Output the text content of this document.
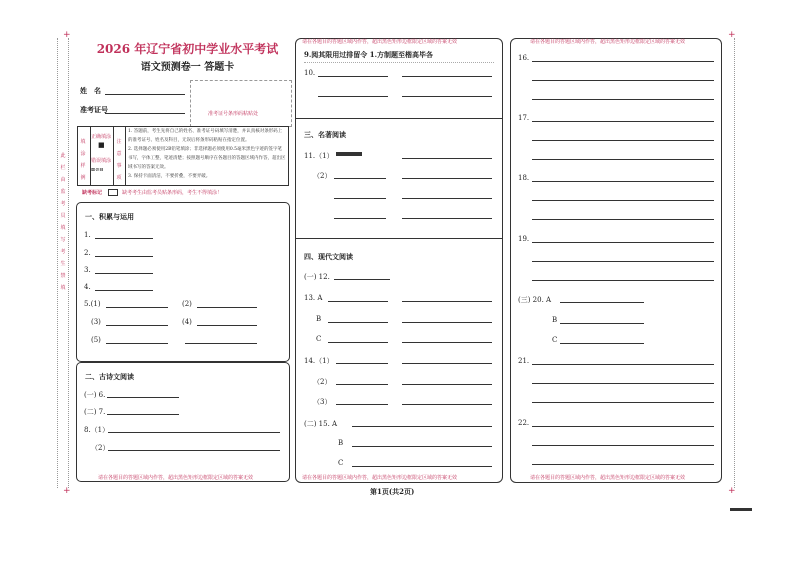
+	+
+	+
2026 年辽宁省初中学业水平考试
语文预测卷一 答题卡
姓　名
准考证号	准考证号条形码粘贴处
此栏由监考员填写 考生禁填
填涂样例
正确填涂
■
错误填涂
⊠⊘⊟
注意事项
1. 答题前，考生先将自己的姓名、准考证号码填写清楚，并认真核对条形码上的准考证号、姓名及科目，无误后将条形码粘贴在指定位置。
2. 选择题必须使用2B铅笔填涂；非选择题必须使用0.5毫米黑色字迹的签字笔书写，字体工整，笔迹清楚；按照题号顺序在各题目的答题区域内作答，超出区域书写的答案无效。
3. 保持卡面清洁，不要折叠，不要弄破。
缺考标记	缺考考生由监考员贴条形码，考生不得填涂！
一、积累与运用
1.
2.
3.
4.
5.(1)	(2)
(3)	(4)
(5)
二、古诗文阅读
(一) 6.
(二) 7.
8.（1）
（2）
请在各题目的答题区域内作答，超出黑色矩形边框限定区域的答案无效
请在各题目的答题区域内作答，超出黑色矩形边框限定区域的答案无效
9.阅其限用过排留令 1.方制题至楷高毕各
10.
三、名著阅读
11.（1）
（2）
四、现代文阅读
(一) 12.
13. A
B
C
14.（1）
（2）
（3）
(二) 15. A
B
C
请在各题目的答题区域内作答，超出黑色矩形边框限定区域的答案无效
请在各题目的答题区域内作答，超出黑色矩形边框限定区域的答案无效
16.
17.
18.
19.
(三) 20. A
B
C
21.
22.
请在各题目的答题区域内作答，超出黑色矩形边框限定区域的答案无效
第1页(共2页)
